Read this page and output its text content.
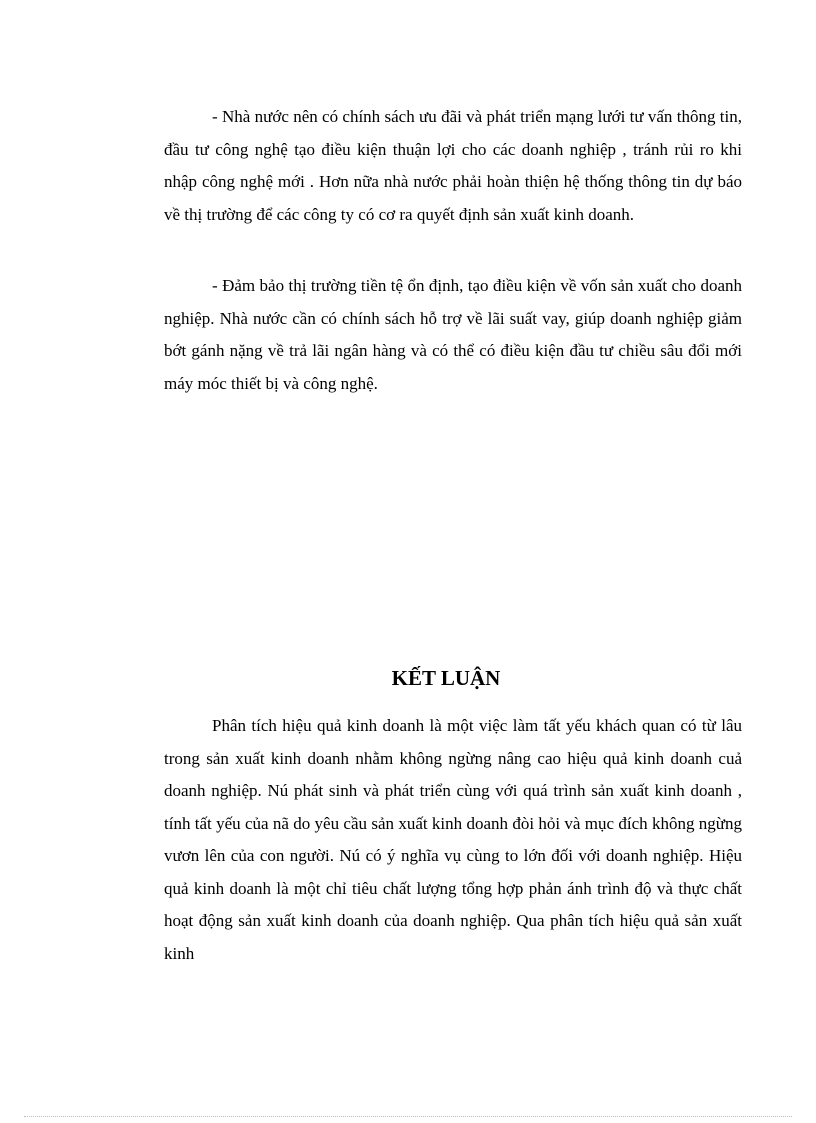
- Nhà nước nên có chính sách ưu đãi và phát triển mạng lưới tư vấn thông tin, đầu tư công nghệ tạo điều kiện thuận lợi cho các doanh nghiệp , tránh rủi ro khi nhập công nghệ mới . Hơn nữa nhà nước phải hoàn thiện hệ thống thông tin dự báo về thị trường để các công ty có cơ ra quyết định sản xuất kinh doanh.

- Đảm bảo thị trường tiền tệ ổn định, tạo điều kiện về vốn sản xuất cho doanh nghiệp. Nhà nước cần có chính sách hỗ trợ về lãi suất vay, giúp doanh nghiệp giảm bớt gánh nặng về trả lãi ngân hàng và có thể có điều kiện đầu tư chiều sâu đổi mới máy móc thiết bị và công nghệ.

KẾT LUẬN

Phân tích hiệu quả kinh doanh là một việc làm tất yếu khách quan có từ lâu trong sản xuất kinh doanh nhằm không ngừng nâng cao hiệu quả kinh doanh cuả doanh nghiệp. Nú phát sinh và phát triển cùng với quá trình sản xuất kinh doanh , tính tất yếu của nã do yêu cầu sản xuất kinh doanh đòi hỏi và mục đích không ngừng vươn lên của con người. Nú có ý nghĩa vụ cùng to lớn đối với doanh nghiệp. Hiệu quả kinh doanh là một chỉ tiêu chất lượng tổng hợp phản ánh trình độ và thực chất hoạt động sản xuất kinh doanh của doanh nghiệp. Qua phân tích hiệu quả sản xuất kinh
